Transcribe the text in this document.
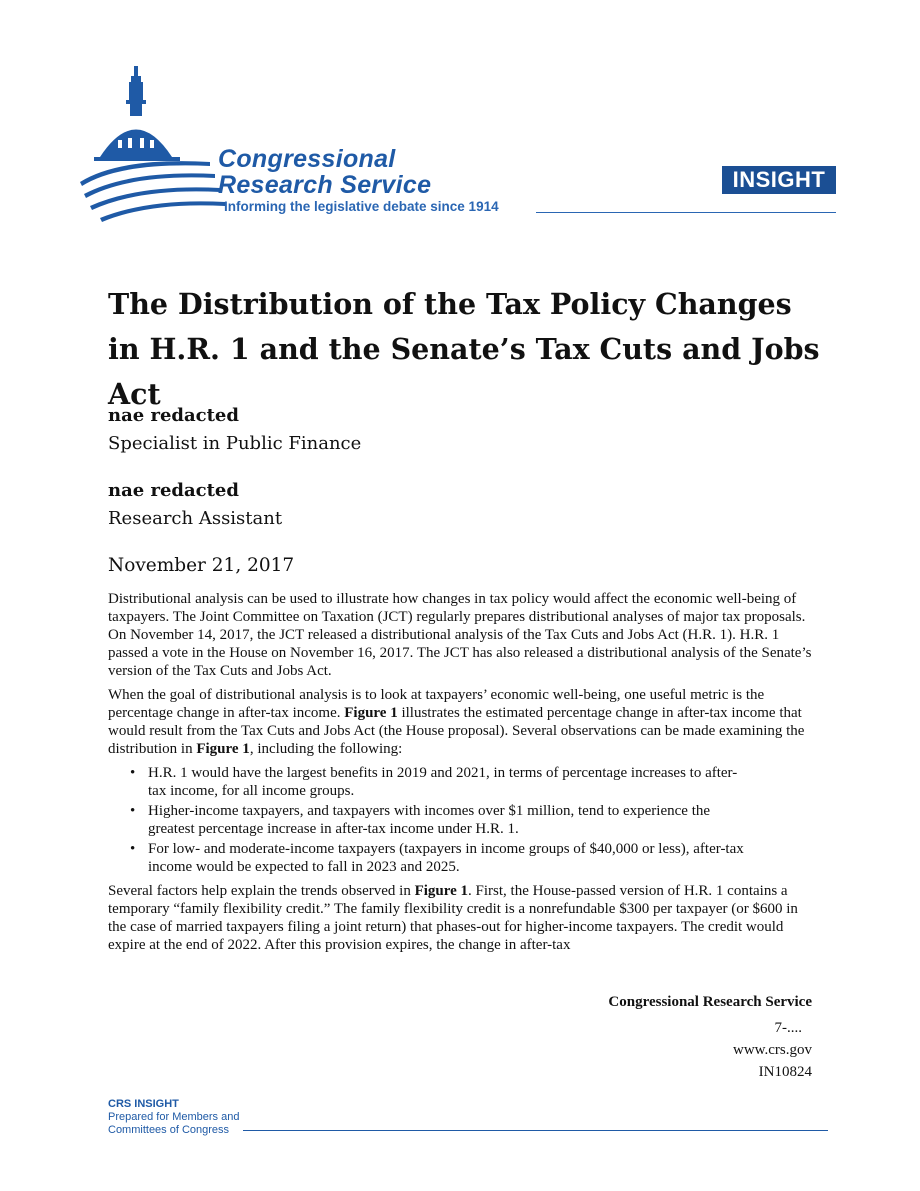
Congressional
Research Service
Informing the legislative debate since 1914
INSIGHT
The Distribution of the Tax Policy Changes in H.R. 1 and the Senate’s Tax Cuts and Jobs Act
nae redacted
Specialist in Public Finance
nae redacted
Research Assistant
November 21, 2017

Distributional analysis can be used to illustrate how changes in tax policy would affect the economic well-being of taxpayers. The Joint Committee on Taxation (JCT) regularly prepares distributional analyses of major tax proposals. On November 14, 2017, the JCT released a distributional analysis of the Tax Cuts and Jobs Act (H.R. 1). H.R. 1 passed a vote in the House on November 16, 2017. The JCT has also released a distributional analysis of the Senate’s version of the Tax Cuts and Jobs Act.

When the goal of distributional analysis is to look at taxpayers’ economic well-being, one useful metric is the percentage change in after-tax income. Figure 1 illustrates the estimated percentage change in after-tax income that would result from the Tax Cuts and Jobs Act (the House proposal). Several observations can be made examining the distribution in Figure 1, including the following:

• H.R. 1 would have the largest benefits in 2019 and 2021, in terms of percentage increases to after-tax income, for all income groups.
• Higher-income taxpayers, and taxpayers with incomes over $1 million, tend to experience the greatest percentage increase in after-tax income under H.R. 1.
• For low- and moderate-income taxpayers (taxpayers in income groups of $40,000 or less), after-tax income would be expected to fall in 2023 and 2025.

Several factors help explain the trends observed in Figure 1. First, the House-passed version of H.R. 1 contains a temporary “family flexibility credit.” The family flexibility credit is a nonrefundable $300 per taxpayer (or $600 in the case of married taxpayers filing a joint return) that phases-out for higher-income taxpayers. The credit would expire at the end of 2022. After this provision expires, the change in after-tax

Congressional Research Service
7-....
www.crs.gov
IN10824
CRS INSIGHT
Prepared for Members and
Committees of Congress
